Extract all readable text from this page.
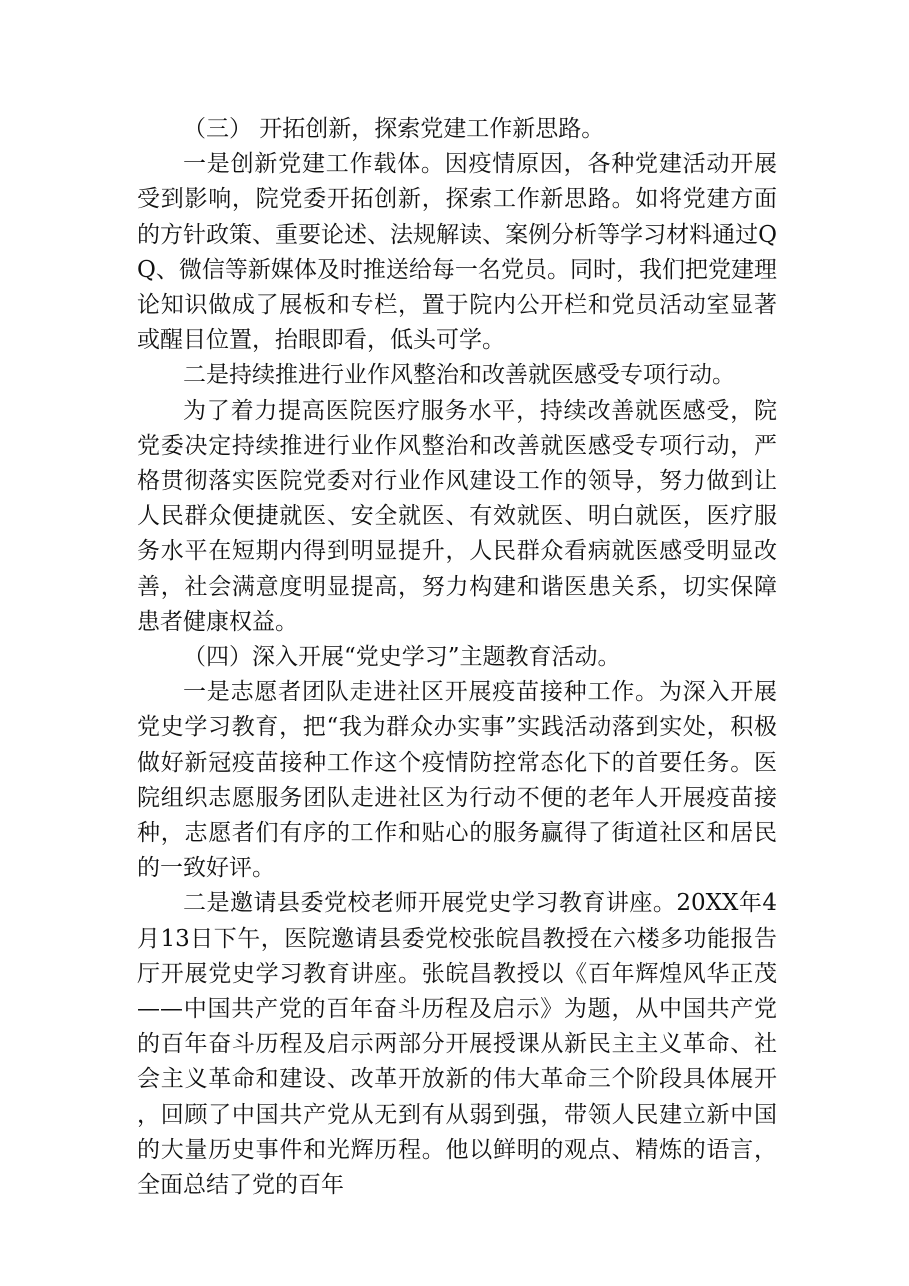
（三） 开拓创新，探索党建工作新思路。

一是创新党建工作载体。因疫情原因，各种党建活动开展受到影响，院党委开拓创新，探索工作新思路。如将党建方面的方针政策、重要论述、法规解读、案例分析等学习材料通过QQ、微信等新媒体及时推送给每一名党员。同时，我们把党建理论知识做成了展板和专栏，置于院内公开栏和党员活动室显著或醒目位置，抬眼即看，低头可学。

二是持续推进行业作风整治和改善就医感受专项行动。

为了着力提高医院医疗服务水平，持续改善就医感受，院党委决定持续推进行业作风整治和改善就医感受专项行动，严格贯彻落实医院党委对行业作风建设工作的领导，努力做到让人民群众便捷就医、安全就医、有效就医、明白就医，医疗服务水平在短期内得到明显提升，人民群众看病就医感受明显改善，社会满意度明显提高，努力构建和谐医患关系，切实保障患者健康权益。

（四）深入开展“党史学习”主题教育活动。

一是志愿者团队走进社区开展疫苗接种工作。为深入开展党史学习教育，把“我为群众办实事”实践活动落到实处，积极做好新冠疫苗接种工作这个疫情防控常态化下的首要任务。医院组织志愿服务团队走进社区为行动不便的老年人开展疫苗接种，志愿者们有序的工作和贴心的服务赢得了街道社区和居民的一致好评。

二是邀请县委党校老师开展党史学习教育讲座。20XX年4月13日下午，医院邀请县委党校张皖昌教授在六楼多功能报告厅开展党史学习教育讲座。张皖昌教授以《百年辉煌风华正茂——中国共产党的百年奋斗历程及启示》为题，从中国共产党的百年奋斗历程及启示两部分开展授课从新民主主义革命、社会主义革命和建设、改革开放新的伟大革命三个阶段具体展开，回顾了中国共产党从无到有从弱到强，带领人民建立新中国的大量历史事件和光辉历程。他以鲜明的观点、精炼的语言，全面总结了党的百年
